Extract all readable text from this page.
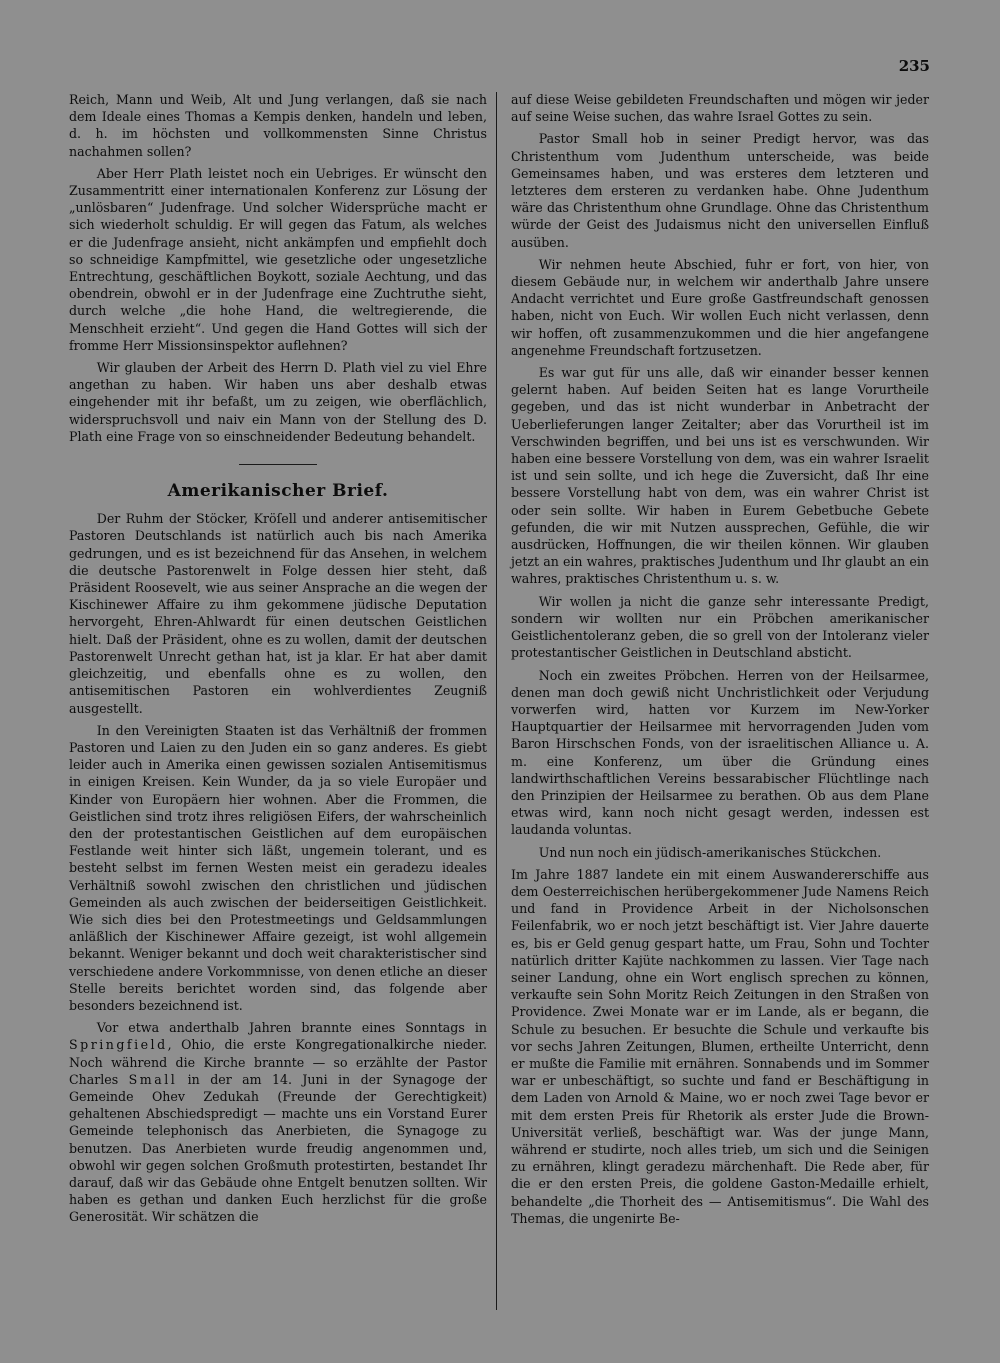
235

Reich, Mann und Weib, Alt und Jung verlangen, daß sie nach dem Ideale eines Thomas a Kempis denken, handeln und leben, d. h. im höchsten und vollkommensten Sinne Christus nachahmen sollen?

Aber Herr Plath leistet noch ein Uebriges. Er wünscht den Zusammentritt einer internationalen Konferenz zur Lösung der „unlösbaren“ Judenfrage. Und solcher Widersprüche macht er sich wiederholt schuldig. Er will gegen das Fatum, als welches er die Judenfrage ansieht, nicht ankämpfen und empfiehlt doch so schneidige Kampfmittel, wie gesetzliche oder ungesetzliche Entrechtung, geschäftlichen Boykott, soziale Aechtung, und das obendrein, obwohl er in der Judenfrage eine Zuchtruthe sieht, durch welche „die hohe Hand, die weltregierende, die Menschheit erzieht“. Und gegen die Hand Gottes will sich der fromme Herr Missionsinspektor auflehnen?

Wir glauben der Arbeit des Herrn D. Plath viel zu viel Ehre angethan zu haben. Wir haben uns aber deshalb etwas eingehender mit ihr befaßt, um zu zeigen, wie oberflächlich, widerspruchsvoll und naiv ein Mann von der Stellung des D. Plath eine Frage von so einschneidender Bedeutung behandelt.

Amerikanischer Brief.

Der Ruhm der Stöcker, Kröſell und anderer antisemitischer Pastoren Deutschlands ist natürlich auch bis nach Amerika gedrungen, und es ist bezeichnend für das Ansehen, in welchem die deutsche Pastorenwelt in Folge dessen hier steht, daß Präsident Roosevelt, wie aus seiner Ansprache an die wegen der Kischinewer Affaire zu ihm gekommene jüdische Deputation hervorgeht, Ehren-Ahlwardt für einen deutschen Geistlichen hielt. Daß der Präsident, ohne es zu wollen, damit der deutschen Pastorenwelt Unrecht gethan hat, ist ja klar. Er hat aber damit gleichzeitig, und ebenfalls ohne es zu wollen, den antisemitischen Pastoren ein wohlverdientes Zeugniß ausgestellt.

In den Vereinigten Staaten ist das Verhältniß der frommen Pastoren und Laien zu den Juden ein so ganz anderes. Es giebt leider auch in Amerika einen gewissen sozialen Antisemitismus in einigen Kreisen. Kein Wunder, da ja so viele Europäer und Kinder von Europäern hier wohnen. Aber die Frommen, die Geistlichen sind trotz ihres religiösen Eifers, der wahrscheinlich den der protestantischen Geistlichen auf dem europäischen Festlande weit hinter sich läßt, ungemein tolerant, und es besteht selbst im fernen Westen meist ein geradezu ideales Verhältniß sowohl zwischen den christlichen und jüdischen Gemeinden als auch zwischen der beiderseitigen Geistlichkeit. Wie sich dies bei den Protestmeetings und Geldsammlungen anläßlich der Kischinewer Affaire gezeigt, ist wohl allgemein bekannt. Weniger bekannt und doch weit charakteristischer sind verschiedene andere Vorkommnisse, von denen etliche an dieser Stelle bereits berichtet worden sind, das folgende aber besonders bezeichnend ist.

Vor etwa anderthalb Jahren brannte eines Sonntags in Springfield, Ohio, die erste Kongregationalkirche nieder. Noch während die Kirche brannte — so erzählte der Pastor Charles Small in der am 14. Juni in der Synagoge der Gemeinde Ohev Zedukah (Freunde der Gerechtigkeit) gehaltenen Abschiedspredigt — machte uns ein Vorstand Eurer Gemeinde telephonisch das Anerbieten, die Synagoge zu benutzen. Das Anerbieten wurde freudig angenommen und, obwohl wir gegen solchen Großmuth protestirten, bestandet Ihr darauf, daß wir das Gebäude ohne Entgelt benutzen sollten. Wir haben es gethan und danken Euch herzlichst für die große Generosität. Wir schätzen die

auf diese Weise gebildeten Freundschaften und mögen wir jeder auf seine Weise suchen, das wahre Israel Gottes zu sein.

Pastor Small hob in seiner Predigt hervor, was das Christenthum vom Judenthum unterscheide, was beide Gemeinsames haben, und was ersteres dem letzteren und letzteres dem ersteren zu verdanken habe. Ohne Judenthum wäre das Christenthum ohne Grundlage. Ohne das Christenthum würde der Geist des Judaismus nicht den universellen Einfluß ausüben.

Wir nehmen heute Abschied, fuhr er fort, von hier, von diesem Gebäude nur, in welchem wir anderthalb Jahre unsere Andacht verrichtet und Eure große Gastfreundschaft genossen haben, nicht von Euch. Wir wollen Euch nicht verlassen, denn wir hoffen, oft zusammenzukommen und die hier angefangene angenehme Freundschaft fortzusetzen.

Es war gut für uns alle, daß wir einander besser kennen gelernt haben. Auf beiden Seiten hat es lange Vorurtheile gegeben, und das ist nicht wunderbar in Anbetracht der Ueberlieferungen langer Zeitalter; aber das Vorurtheil ist im Verschwinden begriffen, und bei uns ist es verschwunden. Wir haben eine bessere Vorstellung von dem, was ein wahrer Israelit ist und sein sollte, und ich hege die Zuversicht, daß Ihr eine bessere Vorstellung habt von dem, was ein wahrer Christ ist oder sein sollte. Wir haben in Eurem Gebetbuche Gebete gefunden, die wir mit Nutzen aussprechen, Gefühle, die wir ausdrücken, Hoffnungen, die wir theilen können. Wir glauben jetzt an ein wahres, praktisches Judenthum und Ihr glaubt an ein wahres, praktisches Christenthum u. s. w.

Wir wollen ja nicht die ganze sehr interessante Predigt, sondern wir wollten nur ein Pröbchen amerikanischer Geistlichentoleranz geben, die so grell von der Intoleranz vieler protestantischer Geistlichen in Deutschland absticht.

Noch ein zweites Pröbchen. Herren von der Heilsarmee, denen man doch gewiß nicht Unchristlichkeit oder Verjudung vorwerfen wird, hatten vor Kurzem im New-Yorker Hauptquartier der Heilsarmee mit hervorragenden Juden vom Baron Hirschschen Fonds, von der israelitischen Alliance u. A. m. eine Konferenz, um über die Gründung eines landwirthschaftlichen Vereins bessarabischer Flüchtlinge nach den Prinzipien der Heilsarmee zu berathen. Ob aus dem Plane etwas wird, kann noch nicht gesagt werden, indessen est laudanda voluntas.

Und nun noch ein jüdisch-amerikanisches Stückchen.

Im Jahre 1887 landete ein mit einem Auswandererschiffe aus dem Oesterreichischen herübergekommener Jude Namens Reich und fand in Providence Arbeit in der Nicholsonschen Feilenfabrik, wo er noch jetzt beschäftigt ist. Vier Jahre dauerte es, bis er Geld genug gespart hatte, um Frau, Sohn und Tochter natürlich dritter Kajüte nachkommen zu lassen. Vier Tage nach seiner Landung, ohne ein Wort englisch sprechen zu können, verkaufte sein Sohn Moritz Reich Zeitungen in den Straßen von Providence. Zwei Monate war er im Lande, als er begann, die Schule zu besuchen. Er besuchte die Schule und verkaufte bis vor sechs Jahren Zeitungen, Blumen, ertheilte Unterricht, denn er mußte die Familie mit ernähren. Sonnabends und im Sommer war er unbeschäftigt, so suchte und fand er Beschäftigung in dem Laden von Arnold & Maine, wo er noch zwei Tage bevor er mit dem ersten Preis für Rhetorik als erster Jude die Brown-Universität verließ, beschäftigt war. Was der junge Mann, während er studirte, noch alles trieb, um sich und die Seinigen zu ernähren, klingt geradezu märchenhaft. Die Rede aber, für die er den ersten Preis, die goldene Gaston-Medaille erhielt, behandelte „die Thorheit des — Antisemitismus“. Die Wahl des Themas, die ungenirte Be-
